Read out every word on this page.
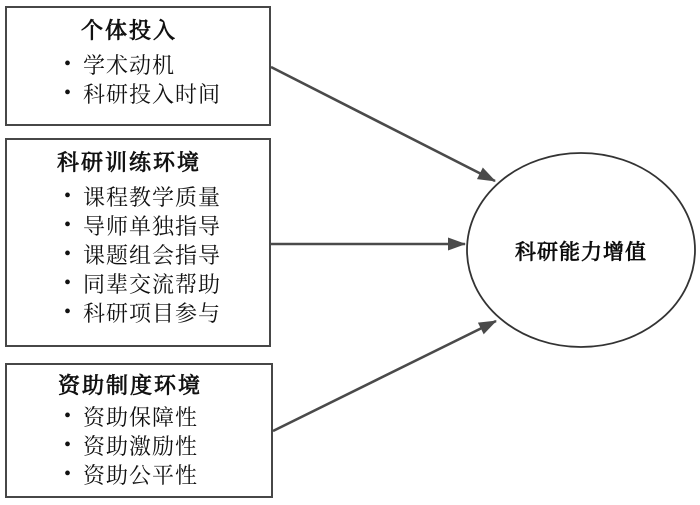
个体投入
• 学术动机
• 科研投入时间
科研训练环境
• 课程教学质量
• 导师单独指导
• 课题组会指导
• 同辈交流帮助
• 科研项目参与
资助制度环境
• 资助保障性
• 资助激励性
• 资助公平性
科研能力增值
